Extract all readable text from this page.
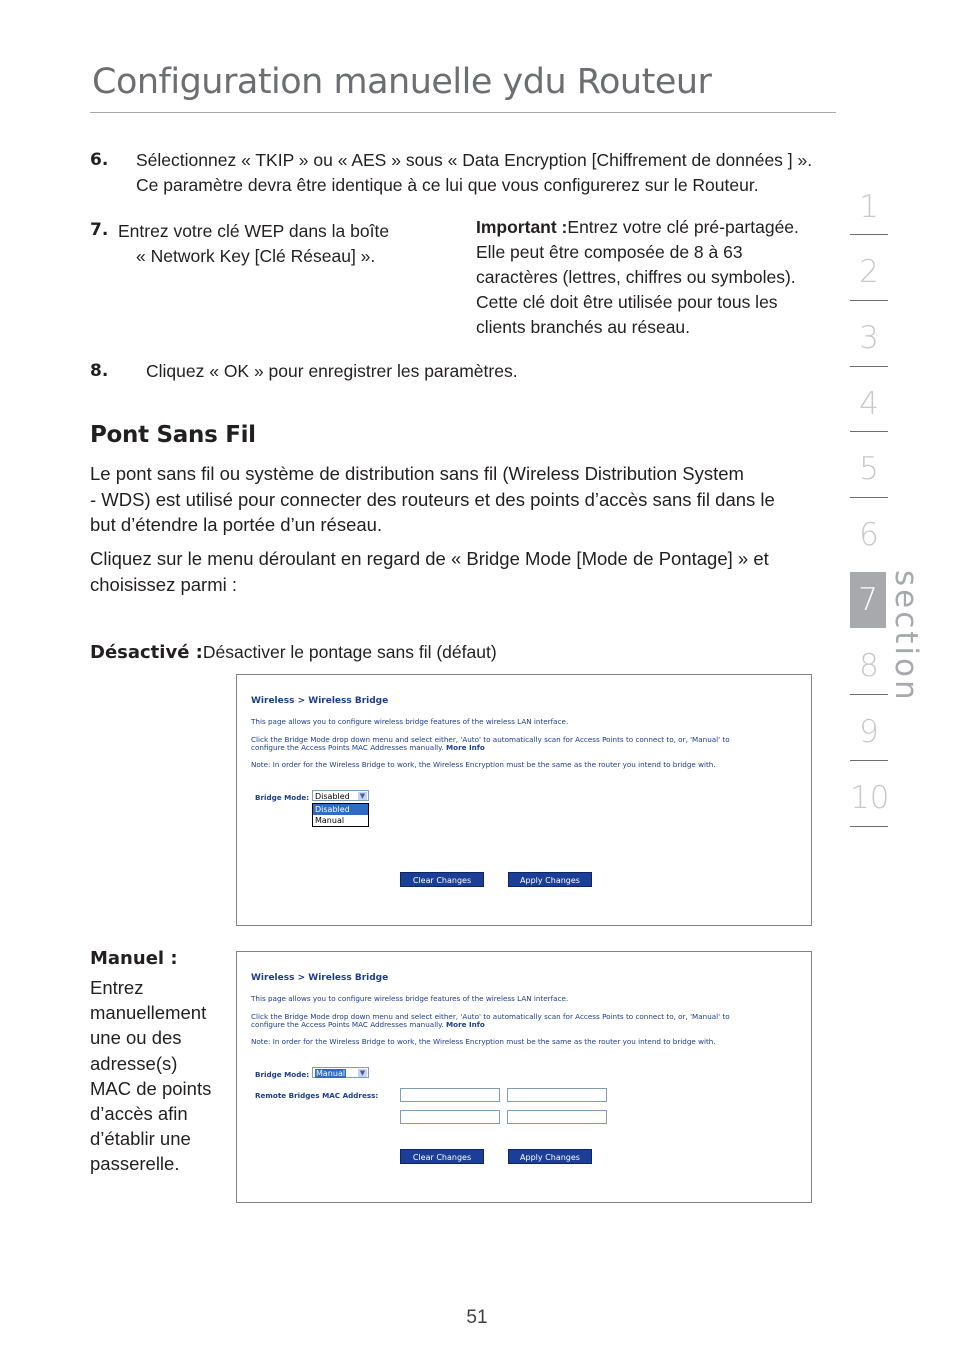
Configuration manuelle ydu Routeur
6. Sélectionnez « TKIP » ou « AES » sous « Data Encryption [Chiffrement de données ] ».
Ce paramètre devra être identique à ce lui que vous configurerez sur le Routeur.
7. Entrez votre clé WEP dans la boîte
« Network Key [Clé Réseau] ».
Important :Entrez votre clé pré-partagée.
Elle peut être composée de 8 à 63
caractères (lettres, chiffres ou symboles).
Cette clé doit être utilisée pour tous les
clients branchés au réseau.
8. Cliquez « OK » pour enregistrer les paramètres.
Pont Sans Fil
Le pont sans fil ou système de distribution sans fil (Wireless Distribution System
- WDS) est utilisé pour connecter des routeurs et des points d’accès sans fil dans le
but d’étendre la portée d’un réseau.
Cliquez sur le menu déroulant en regard de « Bridge Mode [Mode de Pontage] » et
choisissez parmi :
Désactivé :Désactiver le pontage sans fil (défaut)
Wireless > Wireless Bridge
This page allows you to configure wireless bridge features of the wireless LAN interface.
Click the Bridge Mode drop down menu and select either, 'Auto' to automatically scan for Access Points to connect to, or, 'Manual' to
configure the Access Points MAC Addresses manually. More Info
Note: In order for the Wireless Bridge to work, the Wireless Encryption must be the same as the router you intend to bridge with.
Bridge Mode: Disabled ▼
Disabled
Manual
Clear Changes	Apply Changes
Manuel :
Entrez
manuellement
une ou des
adresse(s)
MAC de points
d’accès afin
d’établir une
passerelle.
Wireless > Wireless Bridge
This page allows you to configure wireless bridge features of the wireless LAN interface.
Click the Bridge Mode drop down menu and select either, 'Auto' to automatically scan for Access Points to connect to, or, 'Manual' to
configure the Access Points MAC Addresses manually. More Info
Note: In order for the Wireless Bridge to work, the Wireless Encryption must be the same as the router you intend to bridge with.
Bridge Mode: Manual ▼
Remote Bridges MAC Address:
Clear Changes	Apply Changes
1
2
3
4
5
6
7
8
9
10
section
51
